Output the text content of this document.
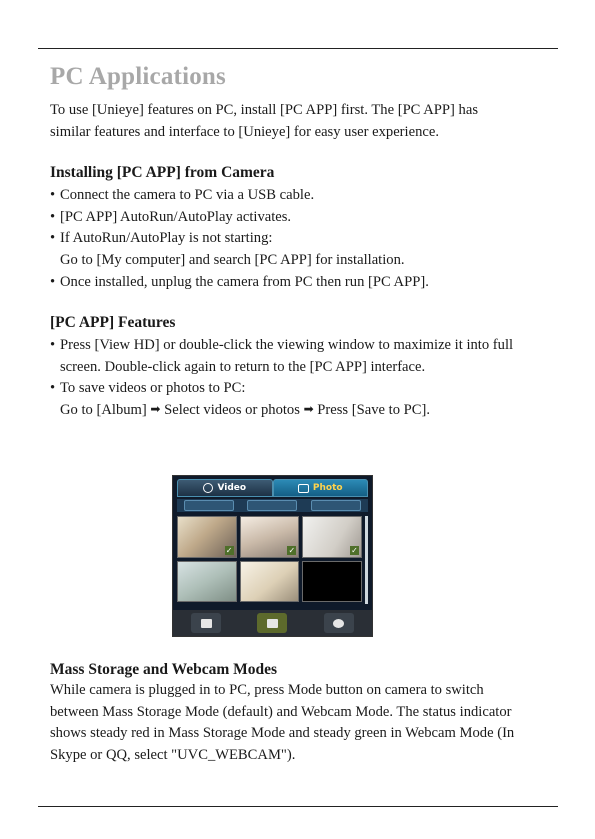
PC Applications

To use [Unieye] features on PC, install [PC APP] first. The [PC APP] has similar features and interface to [Unieye] for easy user experience.

Installing [PC APP] from Camera
• Connect the camera to PC via a USB cable.
• [PC APP] AutoRun/AutoPlay activates.
• If AutoRun/AutoPlay is not starting:
Go to [My computer] and search [PC APP] for installation.
• Once installed, unplug the camera from PC then run [PC APP].
[PC APP] Features
• Press [View HD] or double-click the viewing window to maximize it into full screen. Double-click again to return to the [PC APP] interface.
• To save videos or photos to PC:
Go to [Album] ➡ Select videos or photos ➡ Press [Save to PC].
Video	Photo
✓	✓	✓
Mass Storage and Webcam Modes

While camera is plugged in to PC, press Mode button on camera to switch between Mass Storage Mode (default) and Webcam Mode. The status indicator shows steady red in Mass Storage Mode and steady green in Webcam Mode (In Skype or QQ, select "UVC_WEBCAM").
